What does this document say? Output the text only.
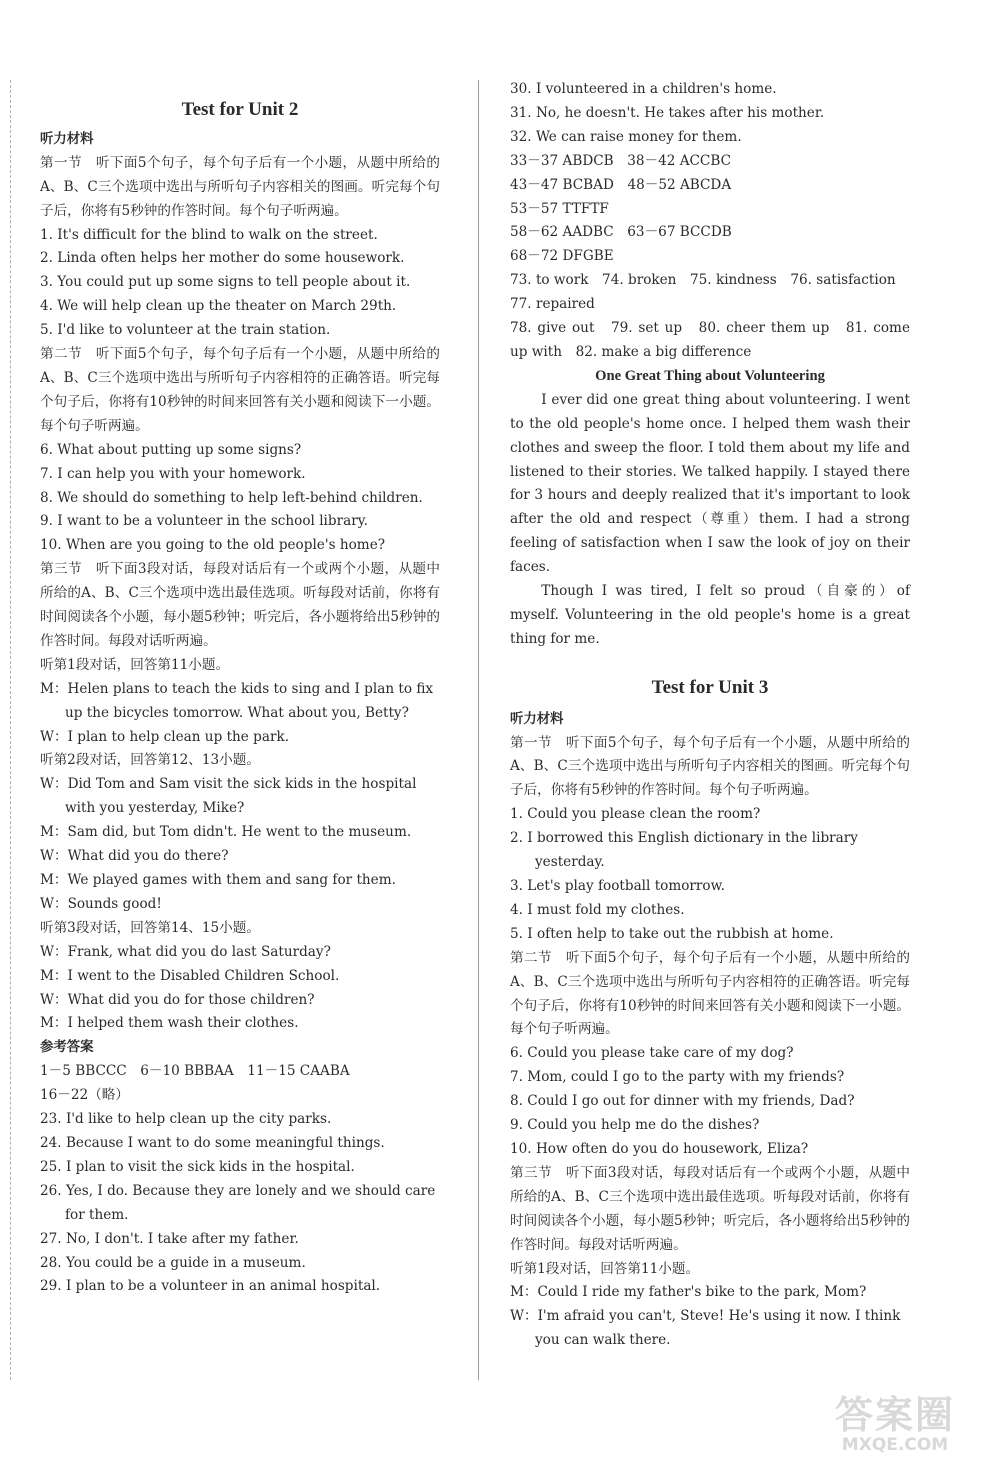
Test for Unit 2
听力材料
第一节　听下面5个句子，每个句子后有一个小题，从题中所给的A、B、C三个选项中选出与所听句子内容相关的图画。听完每个句子后，你将有5秒钟的作答时间。每个句子听两遍。
1. It's difficult for the blind to walk on the street.
2. Linda often helps her mother do some housework.
3. You could put up some signs to tell people about it.
4. We will help clean up the theater on March 29th.
5. I'd like to volunteer at the train station.
第二节　听下面5个句子，每个句子后有一个小题，从题中所给的A、B、C三个选项中选出与所听句子内容相符的正确答语。听完每个句子后，你将有10秒钟的时间来回答有关小题和阅读下一小题。每个句子听两遍。
6. What about putting up some signs?
7. I can help you with your homework.
8. We should do something to help left-behind children.
9. I want to be a volunteer in the school library.
10. When are you going to the old people's home?
第三节　听下面3段对话，每段对话后有一个或两个小题，从题中所给的A、B、C三个选项中选出最佳选项。听每段对话前，你将有时间阅读各个小题，每小题5秒钟；听完后，各小题将给出5秒钟的作答时间。每段对话听两遍。
听第1段对话，回答第11小题。
M：Helen plans to teach the kids to sing and I plan to fix up the bicycles tomorrow. What about you, Betty?
W：I plan to help clean up the park.
听第2段对话，回答第12、13小题。
W：Did Tom and Sam visit the sick kids in the hospital with you yesterday, Mike?
M：Sam did, but Tom didn't. He went to the museum.
W：What did you do there?
M：We played games with them and sang for them.
W：Sounds good!
听第3段对话，回答第14、15小题。
W：Frank, what did you do last Saturday?
M：I went to the Disabled Children School.
W：What did you do for those children?
M：I helped them wash their clothes.
参考答案
1－5 BBCCC　6－10 BBBAA　11－15 CAABA
16－22（略）
23. I'd like to help clean up the city parks.
24. Because I want to do some meaningful things.
25. I plan to visit the sick kids in the hospital.
26. Yes, I do. Because they are lonely and we should care for them.
27. No, I don't. I take after my father.
28. You could be a guide in a museum.
29. I plan to be a volunteer in an animal hospital.
30. I volunteered in a children's home.
31. No, he doesn't. He takes after his mother.
32. We can raise money for them.
33－37 ABDCB　38－42 ACCBC
43－47 BCBAD　48－52 ABCDA
53－57 TTFTF
58－62 AADBC　63－67 BCCDB
68－72 DFGBE
73. to work　74. broken　75. kindness　76. satisfaction
77. repaired
78. give out　79. set up　80. cheer them up　81. come up with　82. make a big difference
One Great Thing about Volunteering
I ever did one great thing about volunteering. I went to the old people's home once. I helped them wash their clothes and sweep the floor. I told them about my life and listened to their stories. We talked happily. I stayed there for 3 hours and deeply realized that it's important to look after the old and respect（尊重）them. I had a strong feeling of satisfaction when I saw the look of joy on their faces.
Though I was tired, I felt so proud（自豪的）of myself. Volunteering in the old people's home is a great thing for me.
Test for Unit 3
听力材料
第一节　听下面5个句子，每个句子后有一个小题，从题中所给的A、B、C三个选项中选出与所听句子内容相关的图画。听完每个句子后，你将有5秒钟的作答时间。每个句子听两遍。
1. Could you please clean the room?
2. I borrowed this English dictionary in the library yesterday.
3. Let's play football tomorrow.
4. I must fold my clothes.
5. I often help to take out the rubbish at home.
第二节　听下面5个句子，每个句子后有一个小题，从题中所给的A、B、C三个选项中选出与所听句子内容相符的正确答语。听完每个句子后，你将有10秒钟的时间来回答有关小题和阅读下一小题。每个句子听两遍。
6. Could you please take care of my dog?
7. Mom, could I go to the party with my friends?
8. Could I go out for dinner with my friends, Dad?
9. Could you help me do the dishes?
10. How often do you do housework, Eliza?
第三节　听下面3段对话，每段对话后有一个或两个小题，从题中所给的A、B、C三个选项中选出最佳选项。听每段对话前，你将有时间阅读各个小题，每小题5秒钟；听完后，各小题将给出5秒钟的作答时间。每段对话听两遍。
听第1段对话，回答第11小题。
M：Could I ride my father's bike to the park, Mom?
W：I'm afraid you can't, Steve! He's using it now. I think you can walk there.
答案圈
MXQE.COM
